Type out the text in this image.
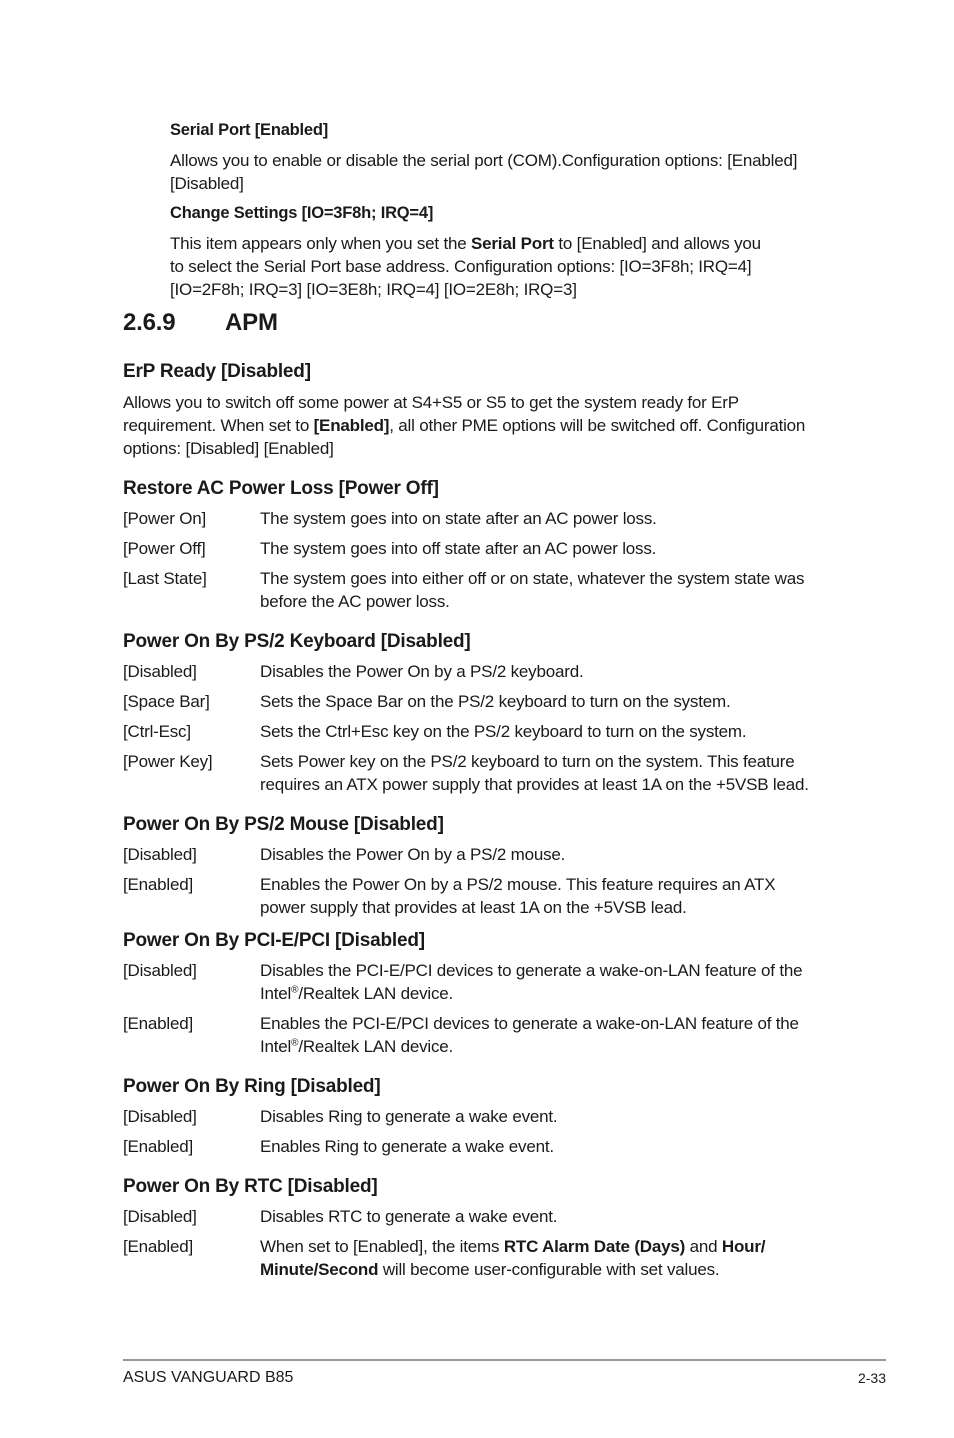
Serial Port [Enabled]
Allows you to enable or disable the serial port (COM).Configuration options: [Enabled]
[Disabled]
Change Settings [IO=3F8h; IRQ=4]
This item appears only when you set the Serial Port to [Enabled] and allows you
to select the Serial Port base address. Configuration options: [IO=3F8h; IRQ=4]
[IO=2F8h; IRQ=3] [IO=3E8h; IRQ=4] [IO=2E8h; IRQ=3]
2.6.9 APM
ErP Ready [Disabled]
Allows you to switch off some power at S4+S5 or S5 to get the system ready for ErP
requirement. When set to [Enabled], all other PME options will be switched off. Configuration
options: [Disabled] [Enabled]
Restore AC Power Loss [Power Off]
[Power On]	The system goes into on state after an AC power loss.
[Power Off]	The system goes into off state after an AC power loss.
[Last State]	The system goes into either off or on state, whatever the system state was
before the AC power loss.
Power On By PS/2 Keyboard [Disabled]
[Disabled]	Disables the Power On by a PS/2 keyboard.
[Space Bar]	Sets the Space Bar on the PS/2 keyboard to turn on the system.
[Ctrl-Esc]	Sets the Ctrl+Esc key on the PS/2 keyboard to turn on the system.
[Power Key]	Sets Power key on the PS/2 keyboard to turn on the system. This feature
requires an ATX power supply that provides at least 1A on the +5VSB lead.
Power On By PS/2 Mouse [Disabled]
[Disabled]	Disables the Power On by a PS/2 mouse.
[Enabled]	Enables the Power On by a PS/2 mouse. This feature requires an ATX
power supply that provides at least 1A on the +5VSB lead.
Power On By PCI-E/PCI [Disabled]
[Disabled]	Disables the PCI-E/PCI devices to generate a wake-on-LAN feature of the
Intel®/Realtek LAN device.
[Enabled]	Enables the PCI-E/PCI devices to generate a wake-on-LAN feature of the
Intel®/Realtek LAN device.
Power On By Ring [Disabled]
[Disabled]	Disables Ring to generate a wake event.
[Enabled]	Enables Ring to generate a wake event.
Power On By RTC [Disabled]
[Disabled]	Disables RTC to generate a wake event.
[Enabled]	When set to [Enabled], the items RTC Alarm Date (Days) and Hour/
Minute/Second will become user-configurable with set values.
ASUS VANGUARD B85	2-33
